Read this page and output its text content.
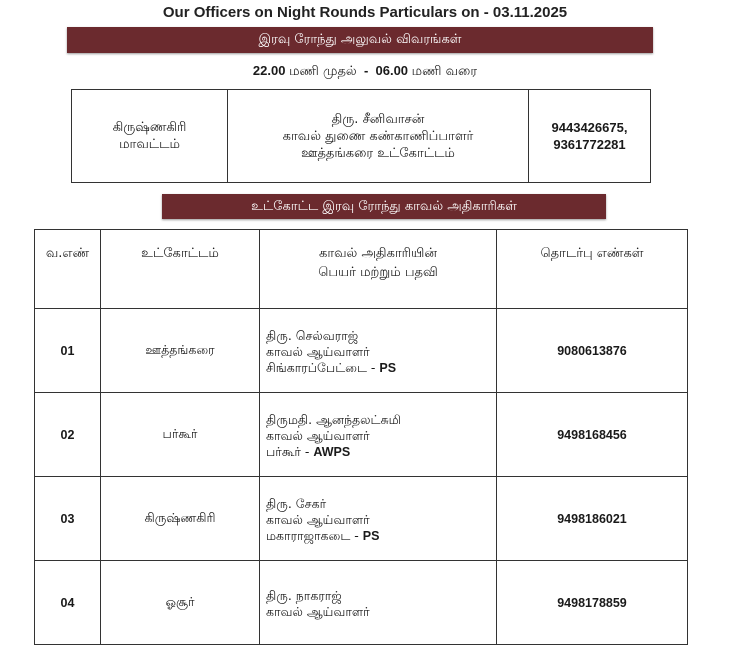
Our Officers on Night Rounds Particulars on - 03.11.2025
இரவு ரோந்து அலுவல் விவரங்கள்
22.00 மணி முதல்  -  06.00 மணி வரை
கிருஷ்ணகிரி
மாவட்டம்

திரு. சீனிவாசன்
காவல் துணை கண்காணிப்பாளர்
ஊத்தங்கரை உட்கோட்டம்

9443426675,
9361772281
உட்கோட்ட இரவு ரோந்து காவல் அதிகாரிகள்
வ.எண்	உட்கோட்டம்	காவல் அதிகாரியின்
பெயர் மற்றும் பதவி	தொடர்பு எண்கள்
01	ஊத்தங்கரை	திரு. செல்வராஜ்
காவல் ஆய்வாளர்
சிங்காரப்பேட்டை - PS	9080613876
02	பர்கூர்	திருமதி. ஆனந்தலட்சுமி
காவல் ஆய்வாளர்
பர்கூர் - AWPS	9498168456
03	கிருஷ்ணகிரி	திரு. சேகர்
காவல் ஆய்வாளர்
மகாராஜாகடை - PS	9498186021
04	ஓசூர்	திரு. நாகராஜ்
காவல் ஆய்வாளர்	9498178859
